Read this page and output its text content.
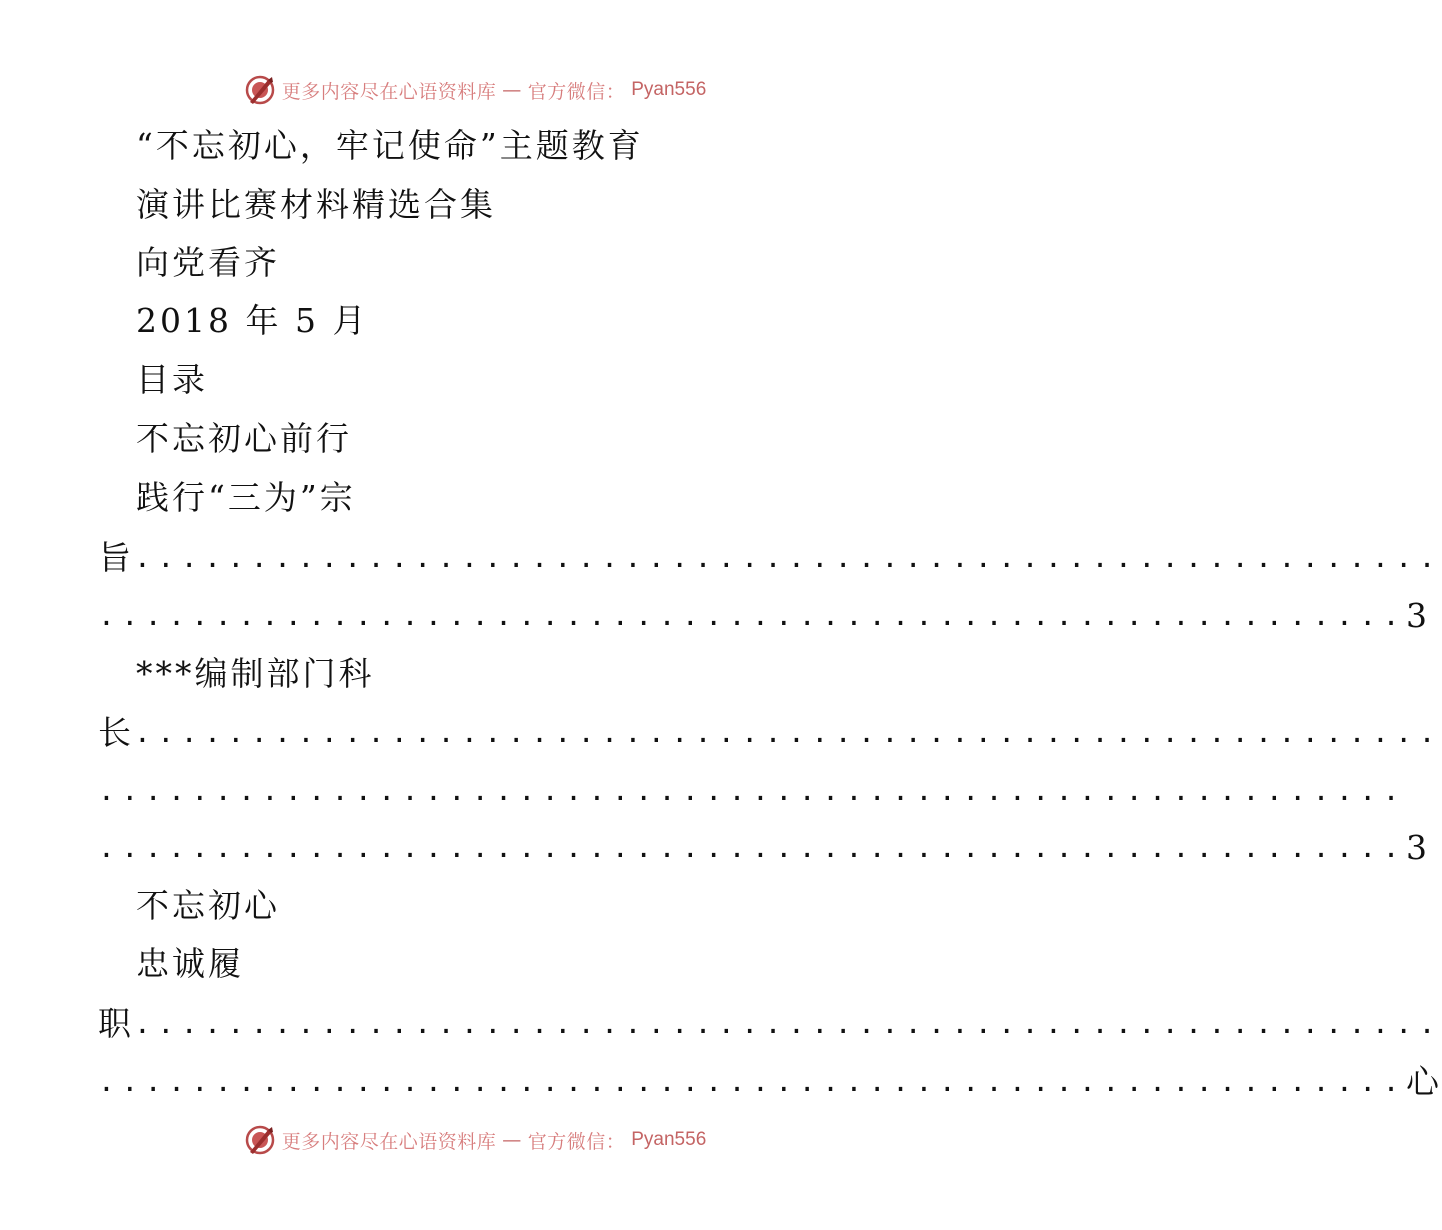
更多内容尽在心语资料库 — 官方微信： Pyan556
“不忘初心，牢记使命”主题教育
演讲比赛材料精选合集
向党看齐
2018 年 5 月
目录
不忘初心前行
践行“三为”宗
旨 ........................................................
........................................................ 3
***编制部门科
长 ........................................................
........................................................
........................................................ 3
不忘初心
忠诚履
职 ........................................................
........................................................ 心
更多内容尽在心语资料库 — 官方微信： Pyan556
